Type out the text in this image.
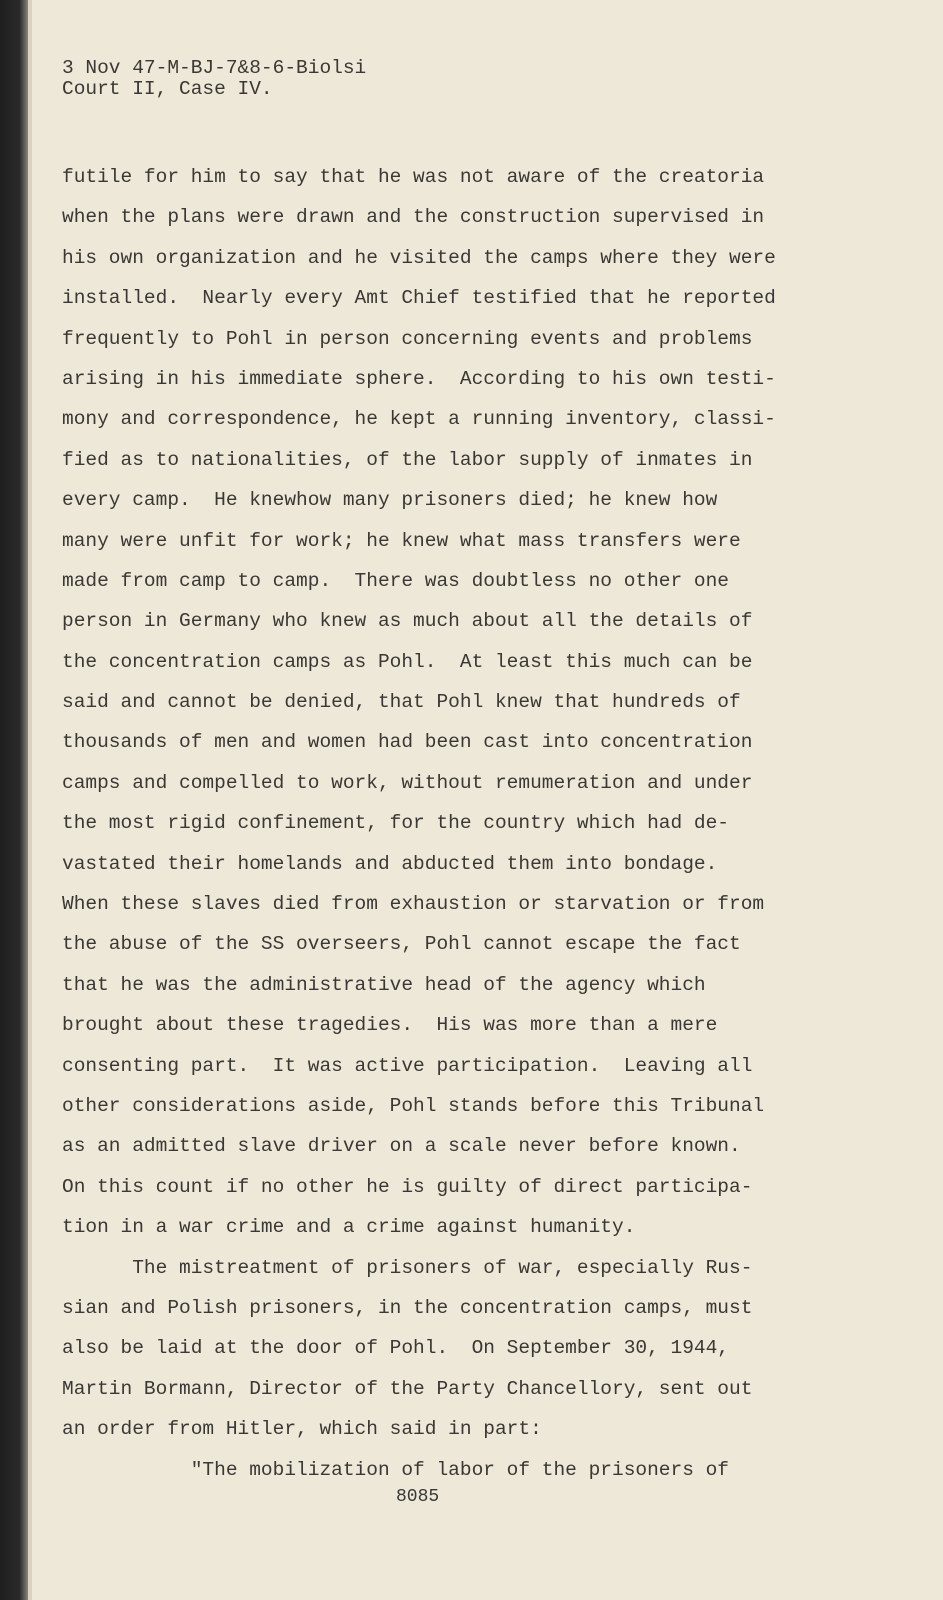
3 Nov 47-M-BJ-7&8-6-Biolsi
Court II, Case IV.
futile for him to say that he was not aware of the creatoria
when the plans were drawn and the construction supervised in
his own organization and he visited the camps where they were
installed.  Nearly every Amt Chief testified that he reported
frequently to Pohl in person concerning events and problems
arising in his immediate sphere.  According to his own testi-
mony and correspondence, he kept a running inventory, classi-
fied as to nationalities, of the labor supply of inmates in
every camp.  He knewhow many prisoners died; he knew how
many were unfit for work; he knew what mass transfers were
made from camp to camp.  There was doubtless no other one
person in Germany who knew as much about all the details of
the concentration camps as Pohl.  At least this much can be
said and cannot be denied, that Pohl knew that hundreds of
thousands of men and women had been cast into concentration
camps and compelled to work, without remumeration and under
the most rigid confinement, for the country which had de-
vastated their homelands and abducted them into bondage.
When these slaves died from exhaustion or starvation or from
the abuse of the SS overseers, Pohl cannot escape the fact
that he was the administrative head of the agency which
brought about these tragedies.  His was more than a mere
consenting part.  It was active participation.  Leaving all
other considerations aside, Pohl stands before this Tribunal
as an admitted slave driver on a scale never before known.
On this count if no other he is guilty of direct participa-
tion in a war crime and a crime against humanity.
The mistreatment of prisoners of war, especially Rus-
sian and Polish prisoners, in the concentration camps, must
also be laid at the door of Pohl.  On September 30, 1944,
Martin Bormann, Director of the Party Chancellory, sent out
an order from Hitler, which said in part:
"The mobilization of labor of the prisoners of
8085
